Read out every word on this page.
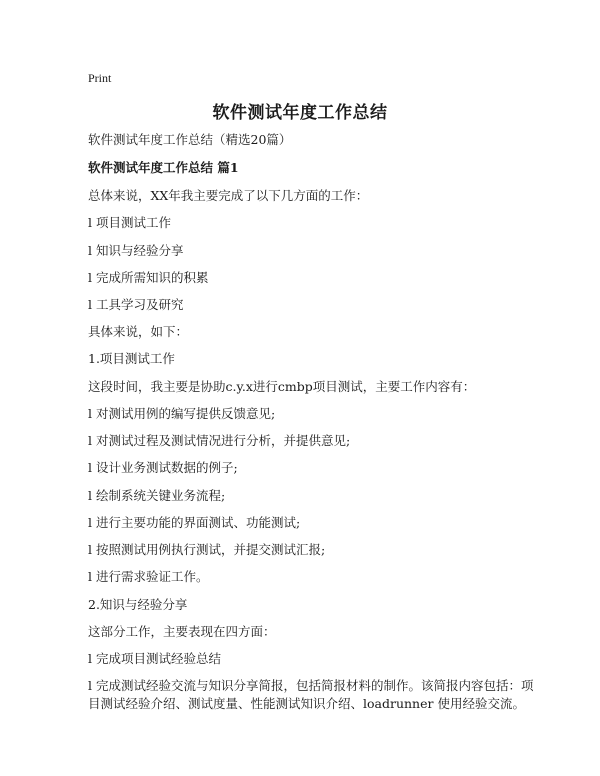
Print
软件测试年度工作总结
软件测试年度工作总结（精选20篇）
软件测试年度工作总结 篇1
总体来说，XX年我主要完成了以下几方面的工作：
l 项目测试工作
l 知识与经验分享
l 完成所需知识的积累
l 工具学习及研究
具体来说，如下：
1.项目测试工作
这段时间，我主要是协助c.y.x进行cmbp项目测试，主要工作内容有：
l 对测试用例的编写提供反馈意见;
l 对测试过程及测试情况进行分析，并提供意见;
l 设计业务测试数据的例子;
l 绘制系统关键业务流程;
l 进行主要功能的界面测试、功能测试;
l 按照测试用例执行测试，并提交测试汇报;
l 进行需求验证工作。
2.知识与经验分享
这部分工作，主要表现在四方面：
l 完成项目测试经验总结
l 完成测试经验交流与知识分享简报，包括简报材料的制作。该简报内容包括：项
目测试经验介绍、测试度量、性能测试知识介绍、loadrunner 使用经验交流。
